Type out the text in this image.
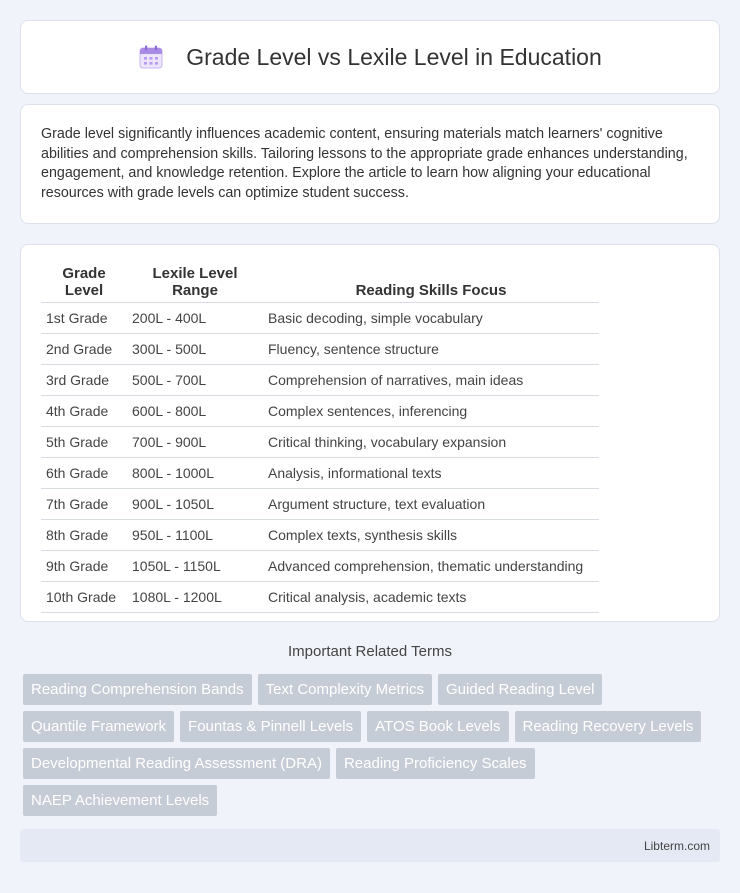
Grade Level vs Lexile Level in Education

Grade level significantly influences academic content, ensuring materials match learners' cognitive abilities and comprehension skills. Tailoring lessons to the appropriate grade enhances understanding, engagement, and knowledge retention. Explore the article to learn how aligning your educational resources with grade levels can optimize student success.

Grade Level	Lexile Level Range	Reading Skills Focus
1st Grade	200L - 400L	Basic decoding, simple vocabulary
2nd Grade	300L - 500L	Fluency, sentence structure
3rd Grade	500L - 700L	Comprehension of narratives, main ideas
4th Grade	600L - 800L	Complex sentences, inferencing
5th Grade	700L - 900L	Critical thinking, vocabulary expansion
6th Grade	800L - 1000L	Analysis, informational texts
7th Grade	900L - 1050L	Argument structure, text evaluation
8th Grade	950L - 1100L	Complex texts, synthesis skills
9th Grade	1050L - 1150L	Advanced comprehension, thematic understanding
10th Grade	1080L - 1200L	Critical analysis, academic texts
Important Related Terms
Reading Comprehension Bands	Text Complexity Metrics	Guided Reading Level
Quantile Framework	Fountas & Pinnell Levels	ATOS Book Levels	Reading Recovery Levels
Developmental Reading Assessment (DRA)	Reading Proficiency Scales
NAEP Achievement Levels
Libterm.com
